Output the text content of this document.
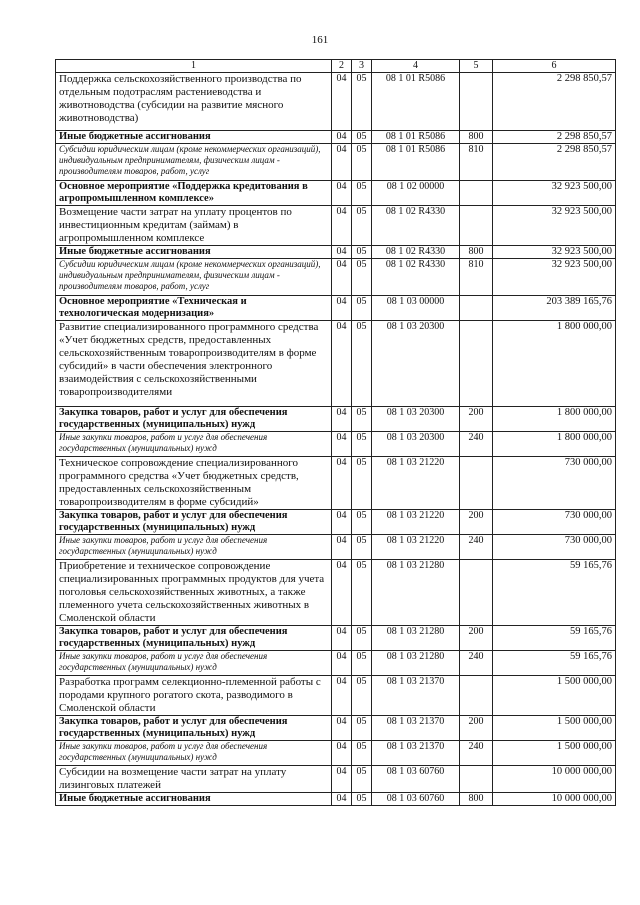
161
1	2	3	4	5	6
Поддержка сельскохозяйственного производства по отдельным подотраслям растениеводства и животноводства (субсидии на развитие мясного животноводства)	04	05	08 1 01 R5086		2 298 850,57
Иные бюджетные ассигнования	04	05	08 1 01 R5086	800	2 298 850,57
Субсидии юридическим лицам (кроме некоммерческих организаций), индивидуальным предпринимателям, физическим лицам - производителям товаров, работ, услуг	04	05	08 1 01 R5086	810	2 298 850,57
Основное мероприятие «Поддержка кредитования в агропромышленном комплексе»	04	05	08 1 02 00000		32 923 500,00
Возмещение части затрат на уплату процентов по инвестиционным кредитам (займам) в агропромышленном комплексе	04	05	08 1 02 R4330		32 923 500,00
Иные бюджетные ассигнования	04	05	08 1 02 R4330	800	32 923 500,00
Субсидии юридическим лицам (кроме некоммерческих организаций), индивидуальным предпринимателям, физическим лицам - производителям товаров, работ, услуг	04	05	08 1 02 R4330	810	32 923 500,00
Основное мероприятие «Техническая и технологическая модернизация»	04	05	08 1 03 00000		203 389 165,76
Развитие специализированного программного средства «Учет бюджетных средств, предоставленных сельскохозяйственным товаропроизводителям в форме субсидий» в части обеспечения электронного взаимодействия с сельскохозяйственными товаропроизводителями	04	05	08 1 03 20300		1 800 000,00
Закупка товаров, работ и услуг для обеспечения государственных (муниципальных) нужд	04	05	08 1 03 20300	200	1 800 000,00
Иные закупки товаров, работ и услуг для обеспечения государственных (муниципальных) нужд	04	05	08 1 03 20300	240	1 800 000,00
Техническое сопровождение специализированного программного средства «Учет бюджетных средств, предоставленных сельскохозяйственным товаропроизводителям в форме субсидий»	04	05	08 1 03 21220		730 000,00
Закупка товаров, работ и услуг для обеспечения государственных (муниципальных) нужд	04	05	08 1 03 21220	200	730 000,00
Иные закупки товаров, работ и услуг для обеспечения государственных (муниципальных) нужд	04	05	08 1 03 21220	240	730 000,00
Приобретение и техническое сопровождение специализированных программных продуктов для учета поголовья сельскохозяйственных животных, а также племенного учета сельскохозяйственных животных в Смоленской области	04	05	08 1 03 21280		59 165,76
Закупка товаров, работ и услуг для обеспечения государственных (муниципальных) нужд	04	05	08 1 03 21280	200	59 165,76
Иные закупки товаров, работ и услуг для обеспечения государственных (муниципальных) нужд	04	05	08 1 03 21280	240	59 165,76
Разработка программ селекционно-племенной работы с породами крупного рогатого скота, разводимого в Смоленской области	04	05	08 1 03 21370		1 500 000,00
Закупка товаров, работ и услуг для обеспечения государственных (муниципальных) нужд	04	05	08 1 03 21370	200	1 500 000,00
Иные закупки товаров, работ и услуг для обеспечения государственных (муниципальных) нужд	04	05	08 1 03 21370	240	1 500 000,00
Субсидии на возмещение части затрат на уплату лизинговых платежей	04	05	08 1 03 60760		10 000 000,00
Иные бюджетные ассигнования	04	05	08 1 03 60760	800	10 000 000,00
